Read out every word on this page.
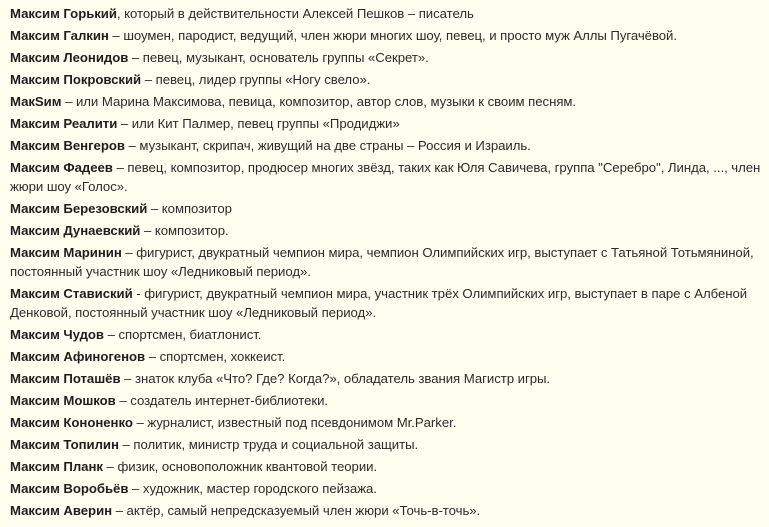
Максим Горький, который в действительности Алексей Пешков – писатель
Максим Галкин – шоумен, пародист, ведущий, член жюри многих шоу, певец, и просто муж Аллы Пугачёвой.
Максим Леонидов – певец, музыкант, основатель группы «Секрет».
Максим Покровский – певец, лидер группы «Ногу свело».
МакSим – или Марина Максимова, певица, композитор, автор слов, музыки к своим песням.
Максим Реалити – или Кит Палмер, певец группы «Продиджи»
Максим Венгеров – музыкант, скрипач, живущий на две страны – Россия и Израиль.
Максим Фадеев – певец, композитор, продюсер многих звёзд, таких как Юля Савичева, группа "Серебро", Линда, ..., член жюри шоу «Голос».
Максим Березовский – композитор
Максим Дунаевский – композитор.
Максим Маринин – фигурист, двукратный чемпион мира, чемпион Олимпийских игр, выступает с Татьяной Тотьмяниной, постоянный участник шоу «Ледниковый период».
Максим Ставиский - фигурист, двукратный чемпион мира, участник трёх Олимпийских игр, выступает в паре с Албеной Денковой, постоянный участник шоу «Ледниковый период».
Максим Чудов – спортсмен, биатлонист.
Максим Афиногенов – спортсмен, хоккеист.
Максим Поташёв – знаток клуба «Что? Где? Когда?», обладатель звания Магистр игры.
Максим Мошков – создатель интернет-библиотеки.
Максим Кононенко – журналист, известный под псевдонимом Mr.Parker.
Максим Топилин – политик, министр труда и социальной защиты.
Максим Планк – физик, основоположник квантовой теории.
Максим Воробьёв – художник, мастер городского пейзажа.
Максим Аверин – актёр, самый непредсказуемый член жюри «Точь-в-точь».
